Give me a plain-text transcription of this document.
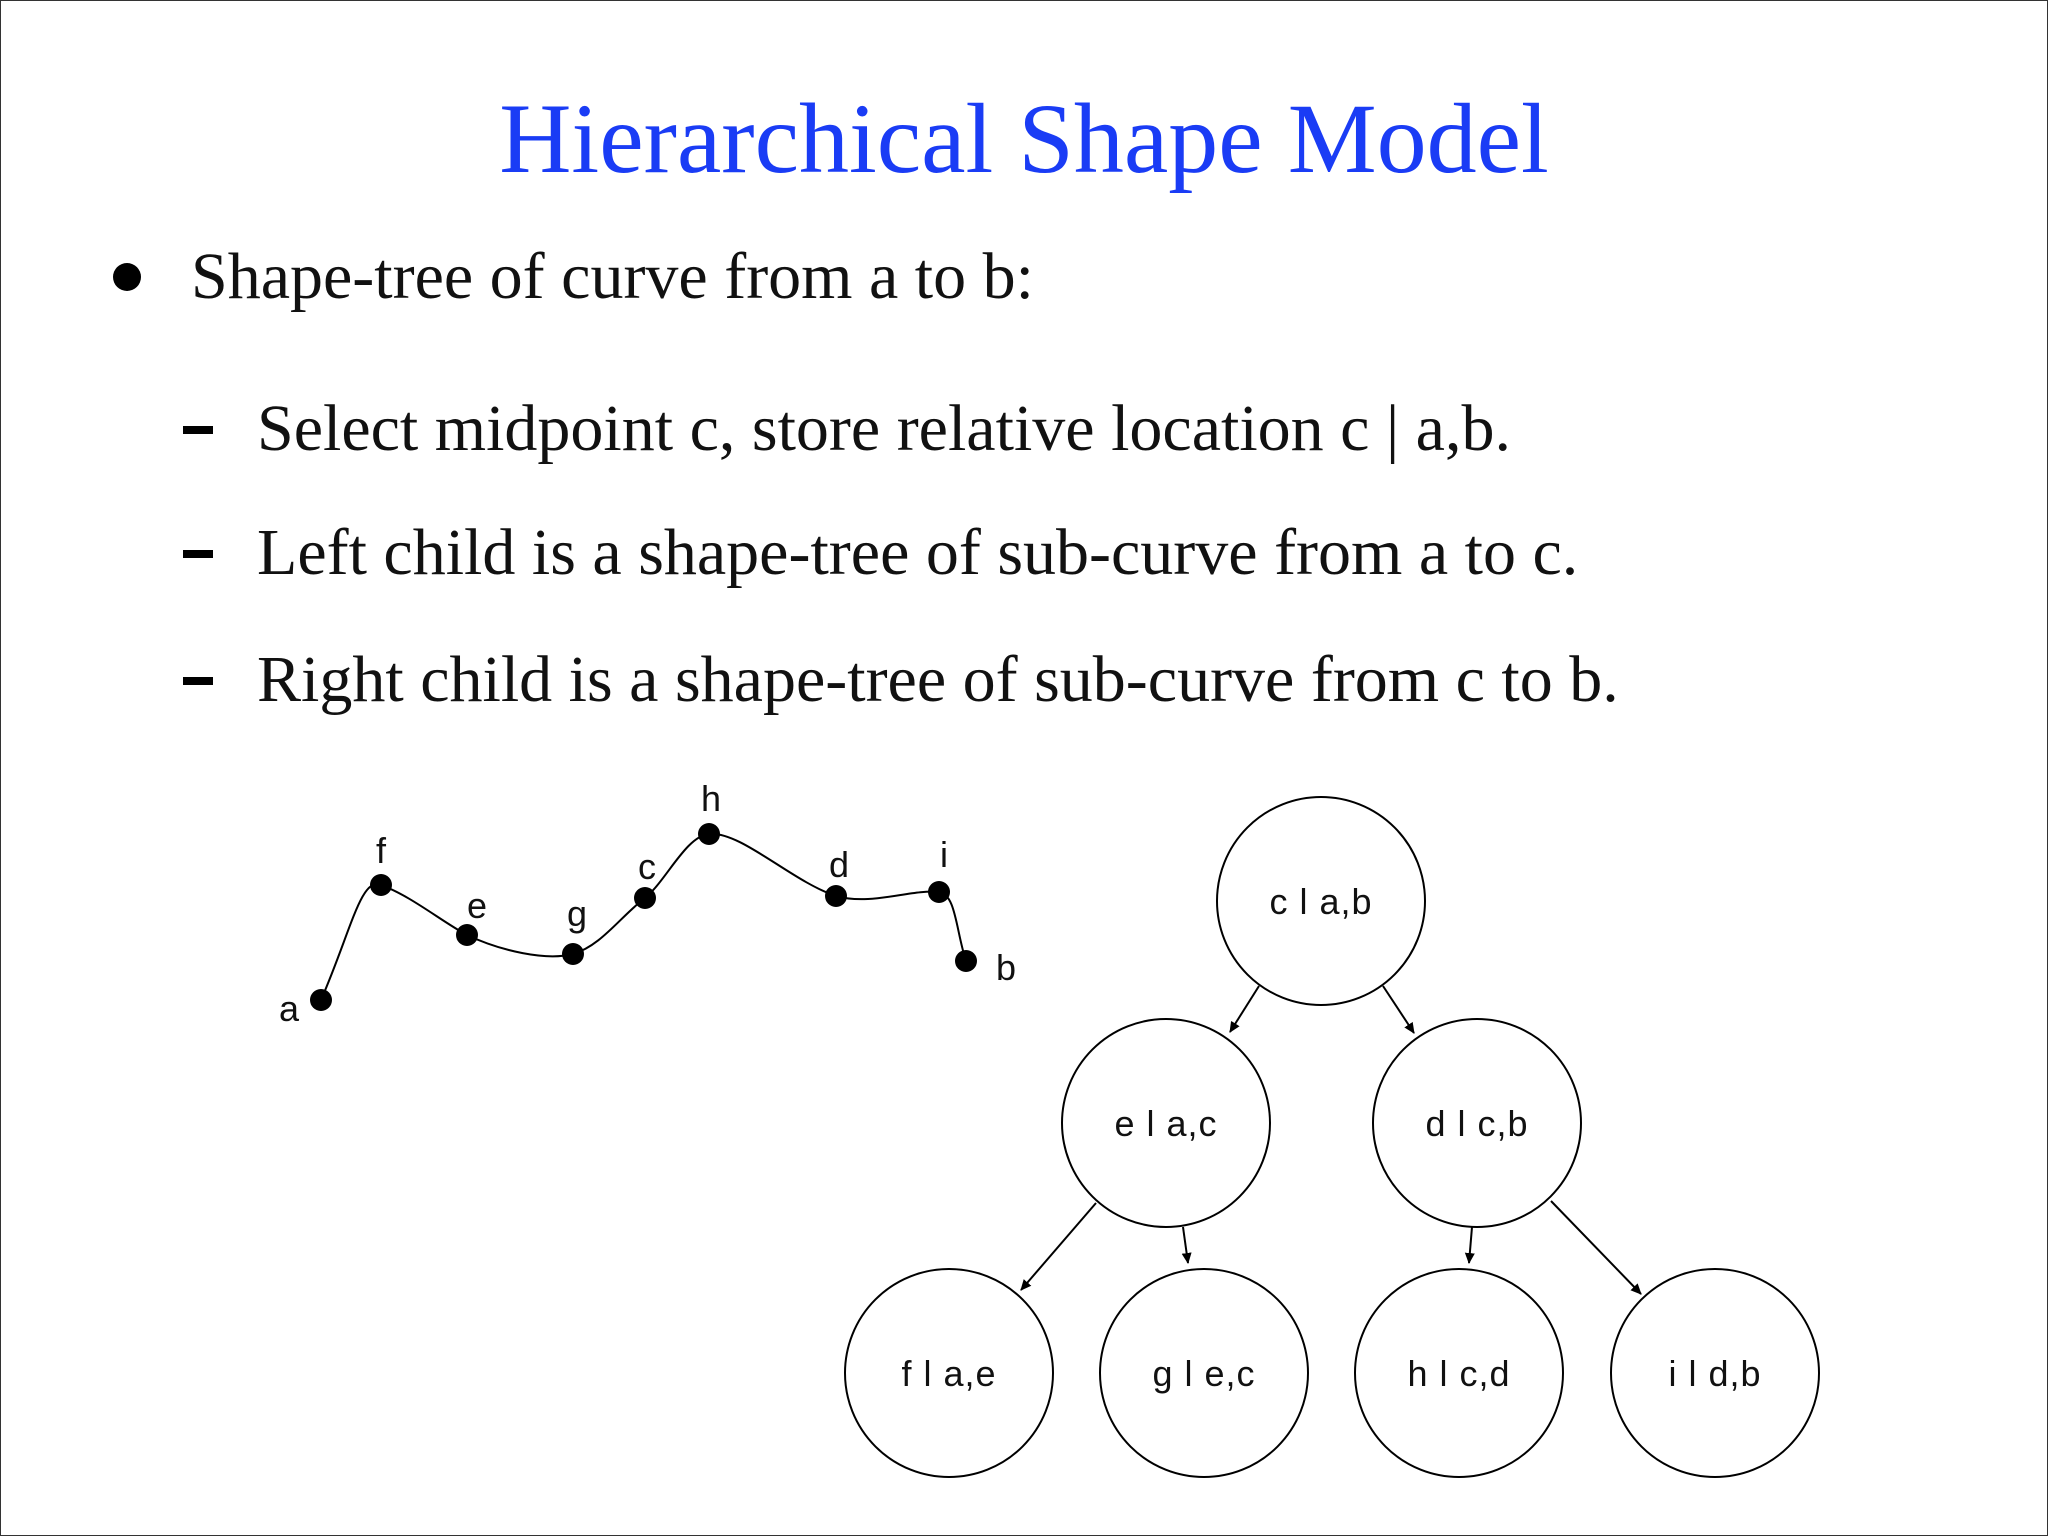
Hierarchical Shape Model
Shape-tree of curve from a to b:
Select midpoint c, store relative location c | a,b.
Left child is a shape-tree of sub-curve from a to c.
Right child is a shape-tree of sub-curve from c to b.
a
f
e g
c
h
d	i
b
c l a,b
e l a,c	d l c,b
f l a,e	g l e,c	h l c,d	i l d,b
